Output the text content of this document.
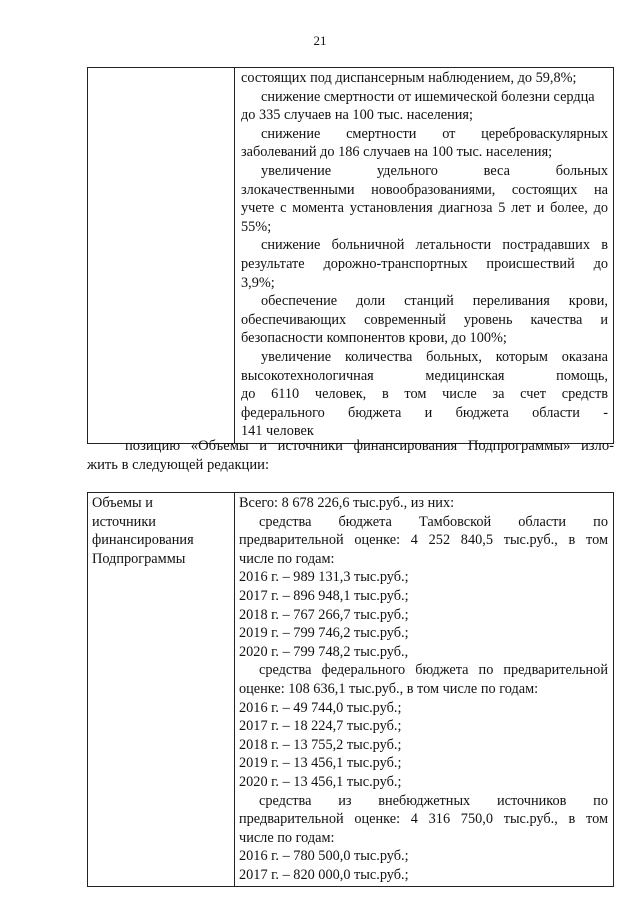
21

состоящих под диспансерным наблюдением, до 59,8%;
снижение смертности от ишемической болезни сердца
до 335 случаев на 100 тыс. населения;
снижение смертности от цереброваскулярных
заболеваний до 186 случаев на 100 тыс. населения;
увеличение удельного веса больных
злокачественными новообразованиями, состоящих на
учете с момента установления диагноза 5 лет и более, до
55%;
снижение больничной летальности пострадавших в
результате дорожно-транспортных происшествий до
3,9%;
обеспечение доли станций переливания крови,
обеспечивающих современный уровень качества и
безопасности компонентов крови, до 100%;
увеличение количества больных, которым оказана
высокотехнологичная медицинская помощь,
до 6110 человек, в том числе за счет средств
федерального бюджета и бюджета области -
141 человек
позицию «Объемы и источники финансирования Подпрограммы» изло-
жить в следующей редакции:
Объемы и
источники
финансирования
Подпрограммы

Всего: 8 678 226,6 тыс.руб., из них:
средства бюджета Тамбовской области по
предварительной оценке: 4 252 840,5 тыс.руб., в том
числе по годам:
2016 г. – 989 131,3 тыс.руб.;
2017 г. – 896 948,1 тыс.руб.;
2018 г. – 767 266,7 тыс.руб.;
2019 г. – 799 746,2 тыс.руб.;
2020 г. – 799 748,2 тыс.руб.,
средства федерального бюджета по предварительной
оценке: 108 636,1 тыс.руб., в том числе по годам:
2016 г. – 49 744,0 тыс.руб.;
2017 г. – 18 224,7 тыс.руб.;
2018 г. – 13 755,2 тыс.руб.;
2019 г. – 13 456,1 тыс.руб.;
2020 г. – 13 456,1 тыс.руб.;
средства из внебюджетных источников по
предварительной оценке: 4 316 750,0 тыс.руб., в том
числе по годам:
2016 г. – 780 500,0 тыс.руб.;
2017 г. – 820 000,0 тыс.руб.;
